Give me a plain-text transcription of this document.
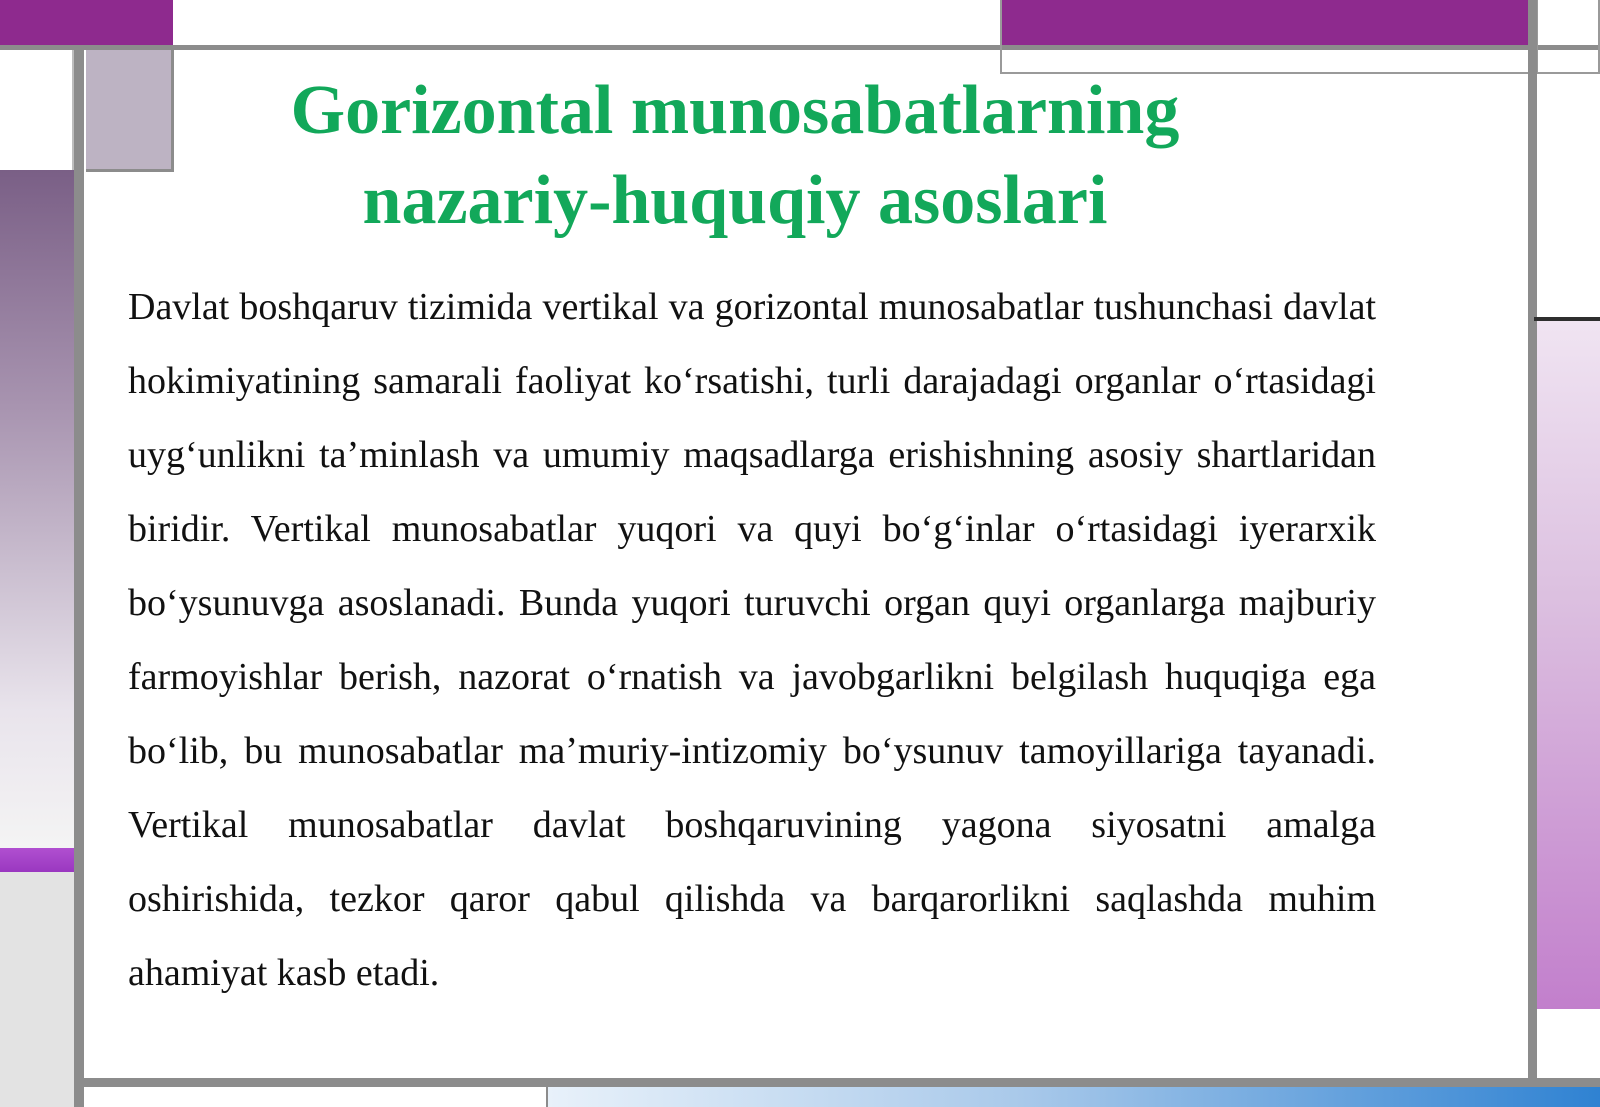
Gorizontal munosabatlarning nazariy-huquqiy asoslari

Davlat boshqaruv tizimida vertikal va gorizontal munosabatlar tushunchasi davlat hokimiyatining samarali faoliyat ko‘rsatishi, turli darajadagi organlar o‘rtasidagi uyg‘unlikni ta’minlash va umumiy maqsadlarga erishishning asosiy shartlaridan biridir. Vertikal munosabatlar yuqori va quyi bo‘g‘inlar o‘rtasidagi iyerarxik bo‘ysunuvga asoslanadi. Bunda yuqori turuvchi organ quyi organlarga majburiy farmoyishlar berish, nazorat o‘rnatish va javobgarlikni belgilash huquqiga ega bo‘lib, bu munosabatlar ma’muriy-intizomiy bo‘ysunuv tamoyillariga tayanadi. Vertikal munosabatlar davlat boshqaruvining yagona siyosatni amalga oshirishida, tezkor qaror qabul qilishda va barqarorlikni saqlashda muhim ahamiyat kasb etadi.
